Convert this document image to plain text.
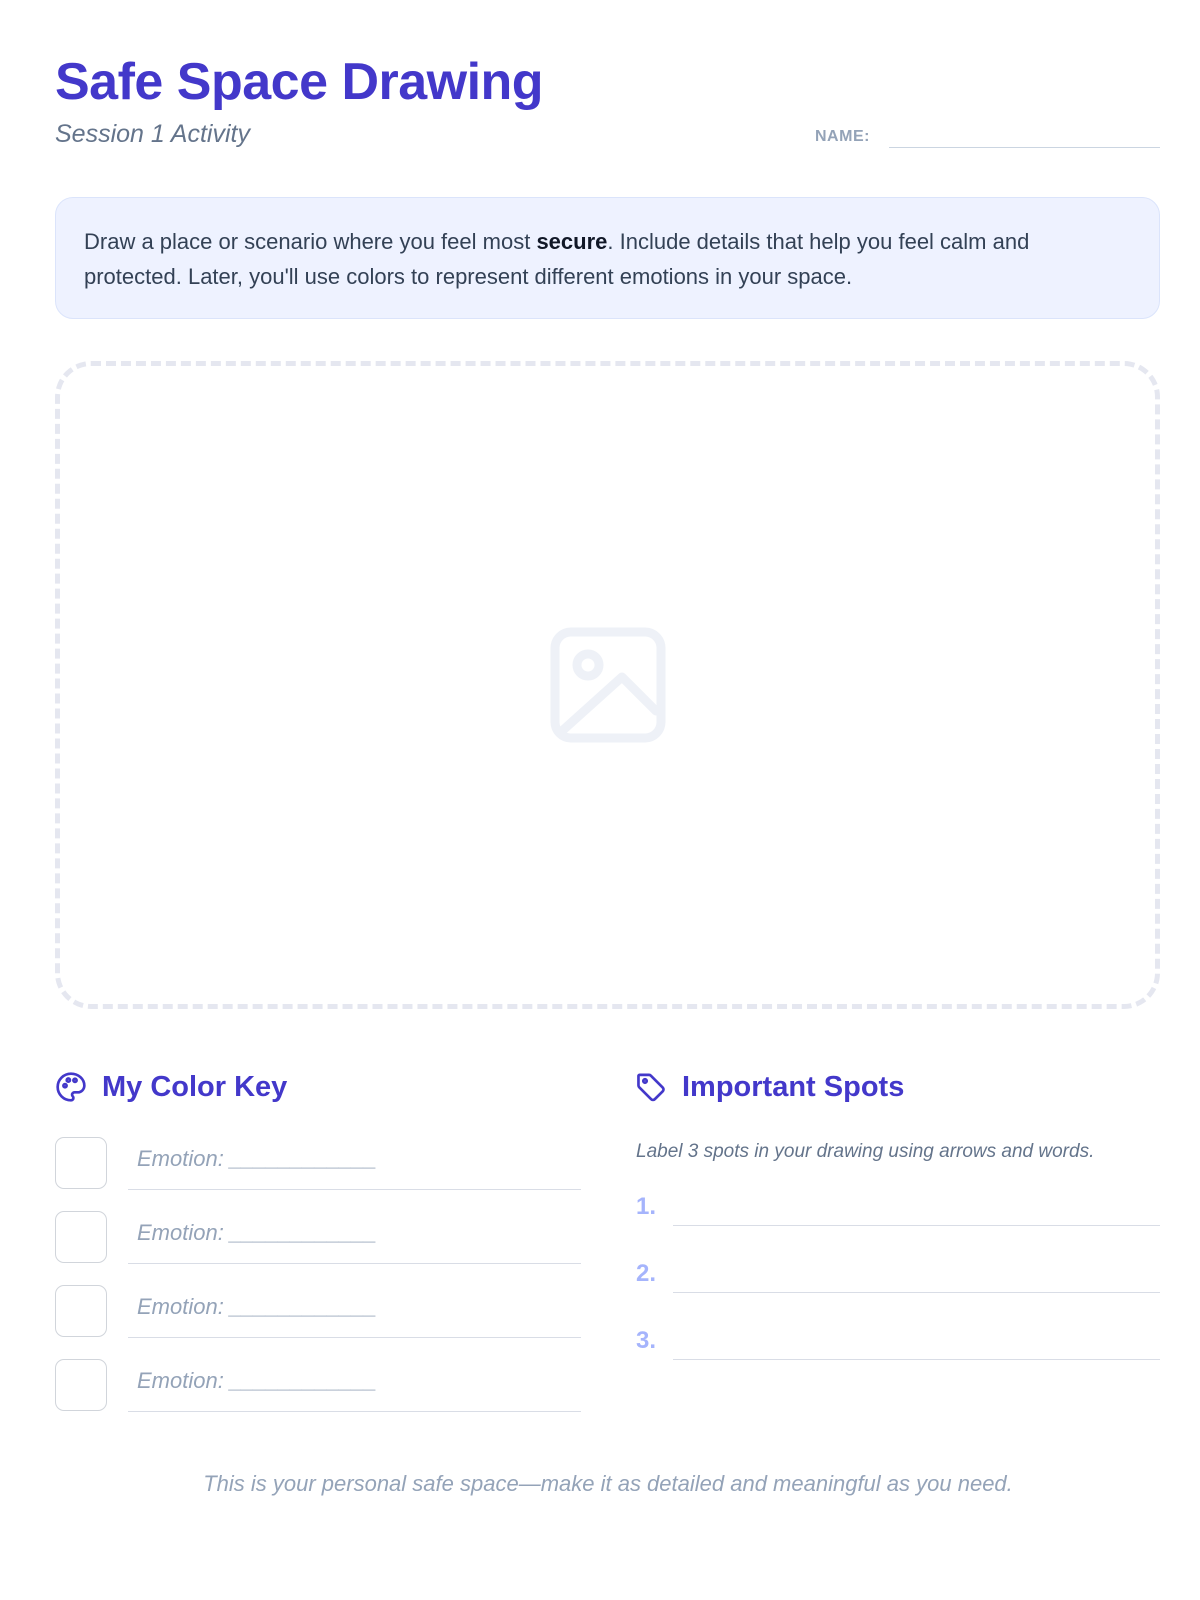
Safe Space Drawing
Session 1 Activity	NAME:
Draw a place or scenario where you feel most secure. Include details that help you feel calm and protected. Later, you'll use colors to represent different emotions in your space.
My Color Key
Emotion: ____________
Emotion: ____________
Emotion: ____________
Emotion: ____________
Important Spots
Label 3 spots in your drawing using arrows and words.
1.
2.
3.
This is your personal safe space—make it as detailed and meaningful as you need.
